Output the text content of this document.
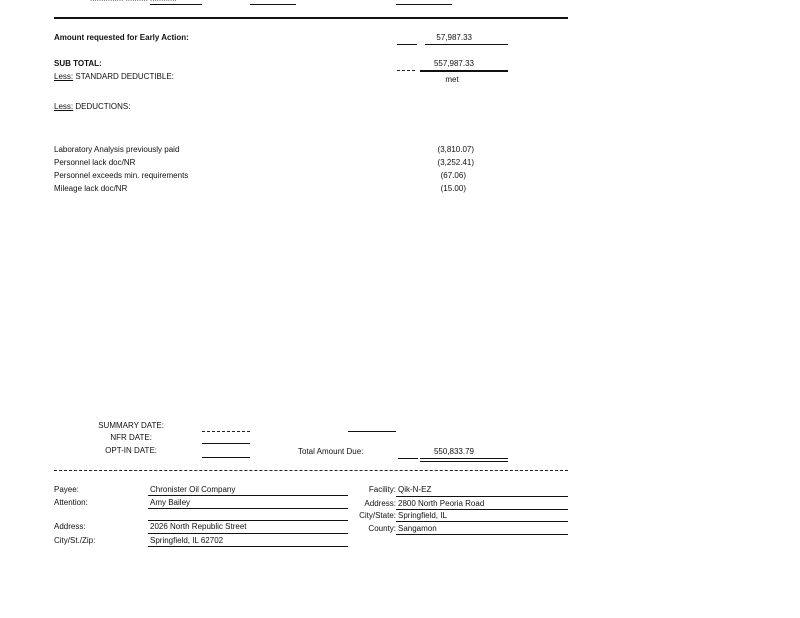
Amount requested for Early Action:	57,987.33
SUB TOTAL:	557,987.33
Less: STANDARD DEDUCTIBLE:	met
Less: DEDUCTIONS:
Laboratory Analysis previously paid	(3,810.07)
Personnel lack doc/NR	(3,252.41)
Personnel exceeds min. requirements	(67.06)
Mileage lack doc/NR	(15.00)
SUMMARY DATE:
NFR DATE:
OPT-IN DATE:	Total Amount Due:	550,833.79
Payee:	Chronister Oil Company
Attention:	Amy Bailey
Address:	2026 North Republic Street
City/St./Zip:	Springfield, IL 62702
Facility: Qik-N-EZ
Address: 2800 North Peoria Road
City/State: Springfield, IL
County: Sangamon
